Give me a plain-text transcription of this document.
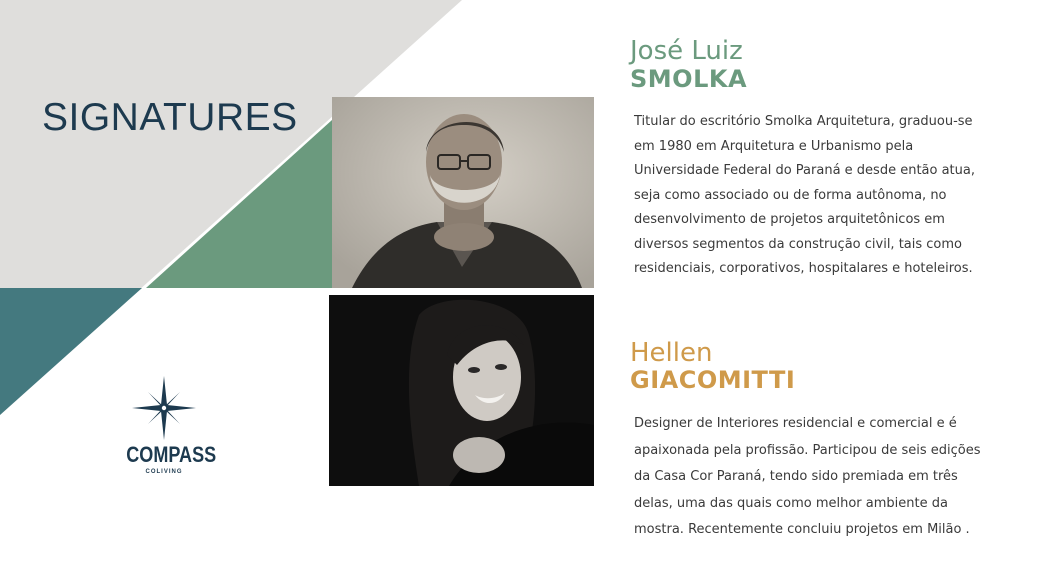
SIGNATURES
José Luiz
SMOLKA

Titular do escritório Smolka Arquitetura, graduou-se

em 1980 em Arquitetura e Urbanismo pela

Universidade Federal do Paraná e desde então atua,

seja como associado ou de forma autônoma, no

desenvolvimento de projetos arquitetônicos em

diversos segmentos da construção civil, tais como

residenciais, corporativos, hospitalares e hoteleiros.

Hellen
GIACOMITTI

Designer de Interiores residencial e comercial e é

apaixonada pela profissão. Participou de seis edições

da Casa Cor Paraná, tendo sido premiada em três

delas, uma das quais como melhor ambiente da

mostra. Recentemente concluiu projetos em Milão .

COMPASS
COLIVING
